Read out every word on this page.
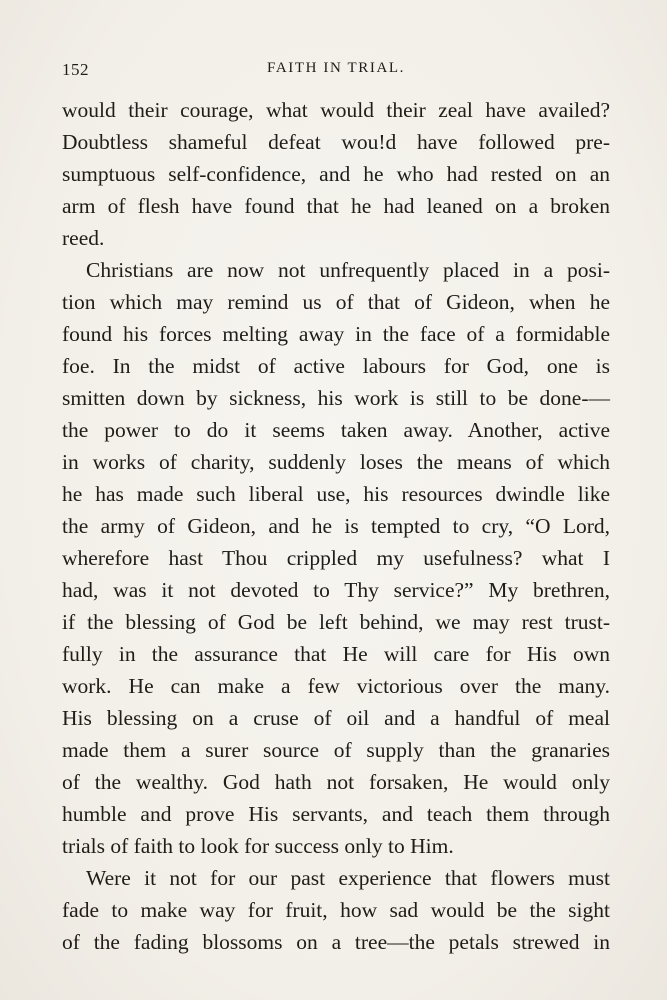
152	FAITH IN TRIAL.
would their courage, what would their zeal have availed?
Doubtless shameful defeat wou!d have followed pre-
sumptuous self-confidence, and he who had rested on an
arm of flesh have found that he had leaned on a broken
reed.
Christians are now not unfrequently placed in a posi-
tion which may remind us of that of Gideon, when he
found his forces melting away in the face of a formidable
foe. In the midst of active labours for God, one is
smitten down by sickness, his work is still to be done-—
the power to do it seems taken away. Another, active
in works of charity, suddenly loses the means of which
he has made such liberal use, his resources dwindle like
the army of Gideon, and he is tempted to cry, “O Lord,
wherefore hast Thou crippled my usefulness? what I
had, was it not devoted to Thy service?” My brethren,
if the blessing of God be left behind, we may rest trust-
fully in the assurance that He will care for His own
work. He can make a few victorious over the many.
His blessing on a cruse of oil and a handful of meal
made them a surer source of supply than the granaries
of the wealthy. God hath not forsaken, He would only
humble and prove His servants, and teach them through
trials of faith to look for success only to Him.
Were it not for our past experience that flowers must
fade to make way for fruit, how sad would be the sight
of the fading blossoms on a tree—the petals strewed in
